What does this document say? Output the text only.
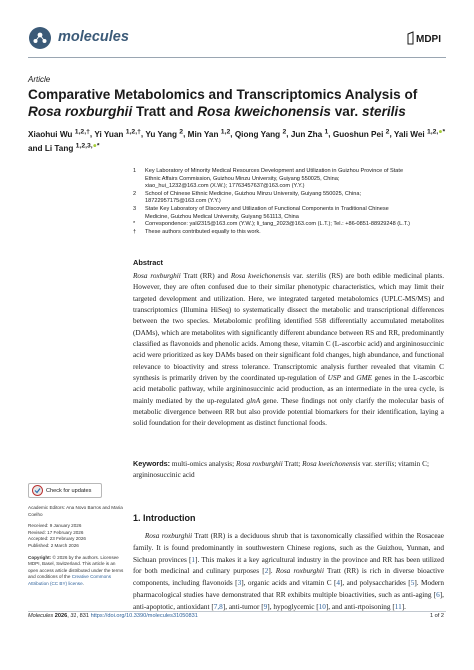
molecules	MDPI
Article
Comparative Metabolomics and Transcriptomics Analysis of
Rosa roxburghii Tratt and Rosa kweichonensis var. sterilis
Xiaohui Wu $^{1,2,\dagger}$, Yi Yuan $^{1,2,\dagger}$, Yu Yang $^2$, Min Yan $^{1,2}$, Qiong Yang $^2$, Jun Zha $^1$, Guoshun Pei $^2$, Yali Wei $^{1,2,●*}$
and Li Tang $^{1,2,3,●*}$
1	Key Laboratory of Minority Medical Resources Development and Utilization in Guizhou Province of State
Ethnic Affairs Commission, Guizhou Minzu University, Guiyang 550025, China;
xiao_hui_1232@163.com (X.W.); 17763457637@163.com (Y.Y.)
2	School of Chinese Ethnic Medicine, Guizhou Minzu University, Guiyang 550025, China;
18722957175@163.com (Y.Y.)
3	State Key Laboratory of Discovery and Utilization of Functional Components in Traditional Chinese
Medicine, Guizhou Medical University, Guiyang 561113, China
*	Correspondence: yali2315@163.com (Y.W.); li_tang_2023@163.com (L.T.); Tel.: +86-0851-88929248 (L.T.)
†	These authors contributed equally to this work.
Abstract
Rosa roxburghii Tratt (RR) and Rosa kweichonensis var. sterilis (RS) are both edible medicinal plants. However, they are often confused due to their similar phenotypic characteristics, which may limit their targeted development and utilization. Here, we integrated targeted metabolomics (UPLC-MS/MS) and transcriptomics (Illumina HiSeq) to systematically dissect the metabolic and transcriptional differences between the two species. Metabolomic profiling identified 558 differentially accumulated metabolites (DAMs), which are metabolites with significantly different abundance between RS and RR, predominantly classified as flavonoids and phenolic acids. Among these, vitamin C (L-ascorbic acid) and argininosuccinic acid were prioritized as key DAMs based on their significant fold changes, high abundance, and functional relevance to bioactivity and stress tolerance. Transcriptomic analysis further revealed that vitamin C synthesis is primarily driven by the coordinated up-regulation of USP and GME genes in the L-ascorbic acid metabolic pathway, while argininosuccinic acid production, as an intermediate in the urea cycle, is mainly mediated by the up-regulated glnA gene. These findings not only clarify the molecular basis of metabolic divergence between RR but also provide potential biomarkers for their identification, laying a solid foundation for their development as distinct functional foods.
Keywords: multi-omics analysis; Rosa roxburghii Tratt; Rosa kweichonensis var. sterilis; vitamin C; argininosuccinic acid
Check for updates
Academic Editors: Ana Novo Barros and Maria Coelho
Received: 9 January 2026
Revised: 17 February 2026
Accepted: 23 February 2026
Published: 2 March 2026
Copyright: © 2026 by the authors. Licensee MDPI, Basel, Switzerland. This article is an open access article distributed under the terms and conditions of the Creative Commons Attribution (CC BY) license.
1. Introduction
Rosa roxburghii Tratt (RR) is a deciduous shrub that is taxonomically classified within the Rosaceae family. It is found predominantly in southwestern Chinese regions, such as the Guizhou, Yunnan, and Sichuan provinces [1]. This makes it a key agricultural industry in the province and RR has been utilized for both medicinal and culinary purposes [2]. Rosa roxburghii Tratt (RR) is rich in diverse bioactive components, including flavonoids [3], organic acids and vitamin C [4], and polysaccharides [5]. Modern pharmacological studies have demonstrated that RR exhibits multiple bioactivities, such as anti-aging [6], anti-apoptotic, antioxidant [7,8], anti-tumor [9], hypoglycemic [10], and anti-rtpoisoning [11].
Molecules 2026, 31, 831 https://doi.org/10.3390/molecules31050831	1 of 2
